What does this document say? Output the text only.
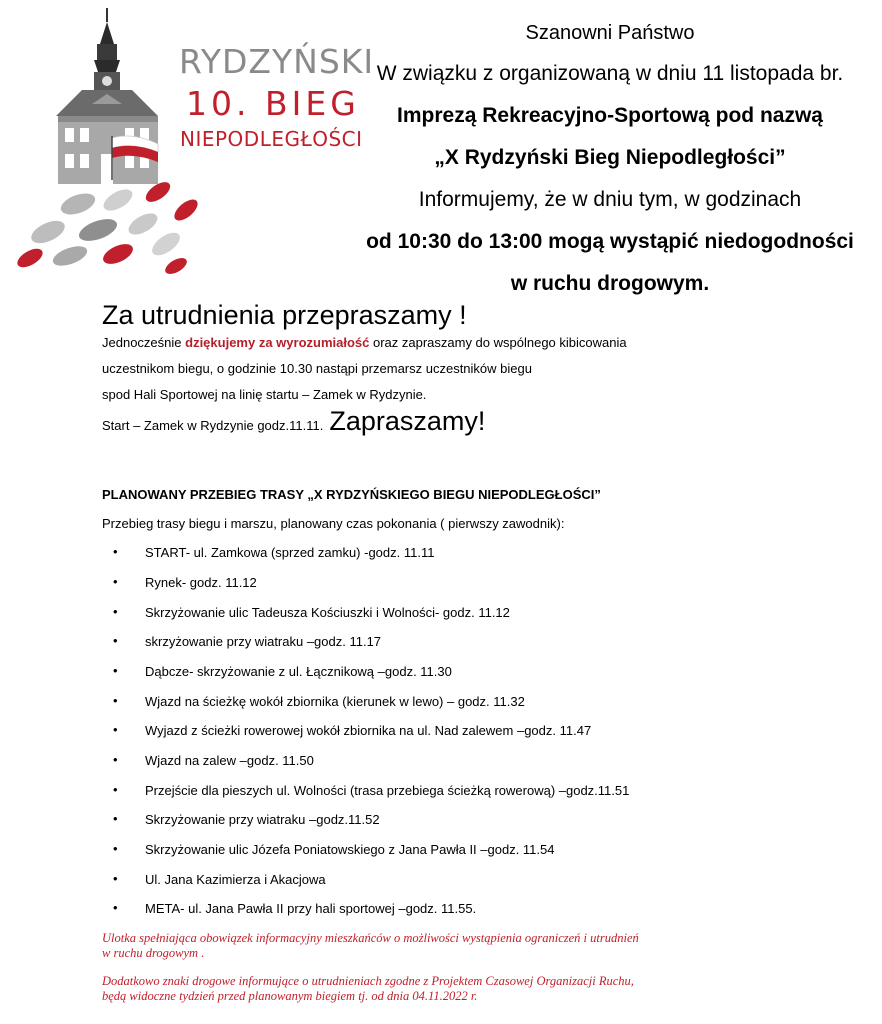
RYDZYŃSKI
10. BIEG
NIEPODLEGŁOŚCI
Szanowni Państwo
W związku z organizowaną w dniu 11 listopada br.
Imprezą Rekreacyjno-Sportową pod nazwą
„X Rydzyński Bieg Niepodległości”
Informujemy, że w dniu tym, w godzinach
od 10:30 do 13:00 mogą wystąpić niedogodności
w ruchu drogowym.
Za utrudnienia przepraszamy !
Jednocześnie dziękujemy za wyrozumiałość oraz zapraszamy do wspólnego kibicowania
uczestnikom biegu, o godzinie 10.30 nastąpi przemarsz uczestników biegu
spod Hali Sportowej na linię startu – Zamek w Rydzynie.
Start – Zamek w Rydzynie godz.11.11. Zapraszamy!
PLANOWANY PRZEBIEG TRASY „X RYDZYŃSKIEGO BIEGU NIEPODLEGŁOŚCI”
Przebieg trasy biegu i marszu, planowany czas pokonania ( pierwszy zawodnik):
• START- ul. Zamkowa (sprzed zamku) -godz. 11.11
• Rynek- godz. 11.12
• Skrzyżowanie ulic Tadeusza Kościuszki i Wolności- godz. 11.12
• skrzyżowanie przy wiatraku –godz. 11.17
• Dąbcze- skrzyżowanie z ul. Łącznikową –godz. 11.30
• Wjazd na ścieżkę wokół zbiornika (kierunek w lewo) – godz. 11.32
• Wyjazd z ścieżki rowerowej wokół zbiornika na ul. Nad zalewem –godz. 11.47
• Wjazd na zalew –godz. 11.50
• Przejście dla pieszych ul. Wolności (trasa przebiega ścieżką rowerową) –godz.11.51
• Skrzyżowanie przy wiatraku –godz.11.52
• Skrzyżowanie ulic Józefa Poniatowskiego z Jana Pawła II –godz. 11.54
• Ul. Jana Kazimierza i Akacjowa
• META- ul. Jana Pawła II przy hali sportowej –godz. 11.55.
Ulotka spełniająca obowiązek informacyjny mieszkańców o możliwości wystąpienia ograniczeń i utrudnień
w ruchu drogowym .
Dodatkowo znaki drogowe informujące o utrudnieniach zgodne z Projektem Czasowej Organizacji Ruchu,
będą widoczne tydzień przed planowanym biegiem tj. od dnia 04.11.2022 r.
